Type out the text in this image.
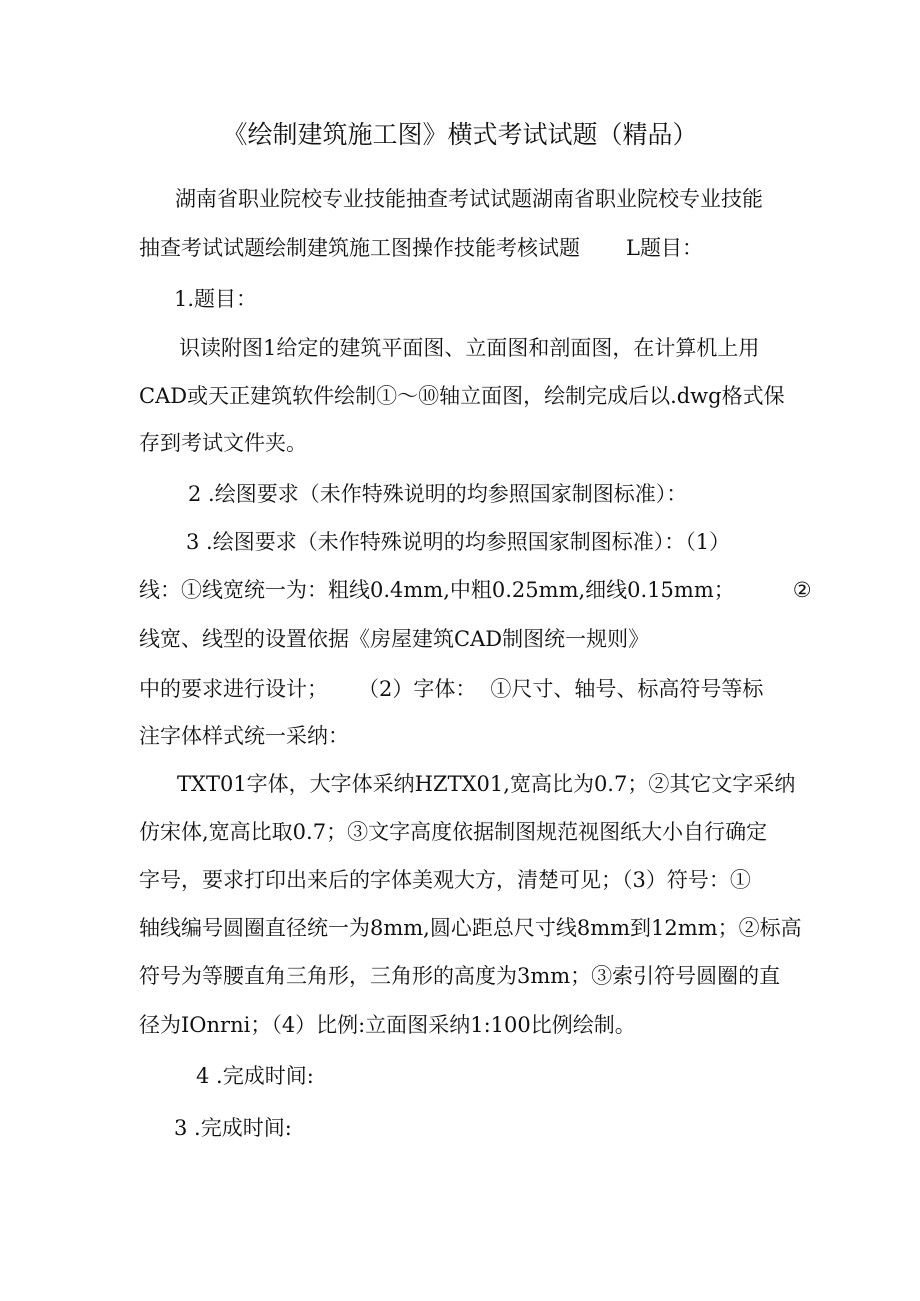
《绘制建筑施工图》横式考试试题（精品）
湖南省职业院校专业技能抽查考试试题湖南省职业院校专业技能
抽查考试试题绘制建筑施工图操作技能考核试题 L题目：
1.题目：
识读附图1给定的建筑平面图、立面图和剖面图，在计算机上用
CAD或天正建筑软件绘制①～⑩轴立面图，绘制完成后以.dwg格式保
存到考试文件夹。
2 .绘图要求（未作特殊说明的均参照国家制图标准）：
3 .绘图要求（未作特殊说明的均参照国家制图标准）：（1）
线：①线宽统一为：粗线0.4mm,中粗0.25mm,细线0.15mm；	②
线宽、线型的设置依据《房屋建筑CAD制图统一规则》
中的要求进行设计； （2）字体： ①尺寸、轴号、标高符号等标
注字体样式统一采纳：
TXT01字体，大字体采纳HZTX01,宽高比为0.7；②其它文字采纳
仿宋体,宽高比取0.7；③文字高度依据制图规范视图纸大小自行确定
字号，要求打印出来后的字体美观大方，清楚可见；（3）符号：①
轴线编号圆圈直径统一为8mm,圆心距总尺寸线8mm到12mm；②标高
符号为等腰直角三角形，三角形的高度为3mm；③索引符号圆圈的直
径为IOnrni；（4）比例:立面图采纳1:100比例绘制。
4 .完成时间:
3 .完成时间:
